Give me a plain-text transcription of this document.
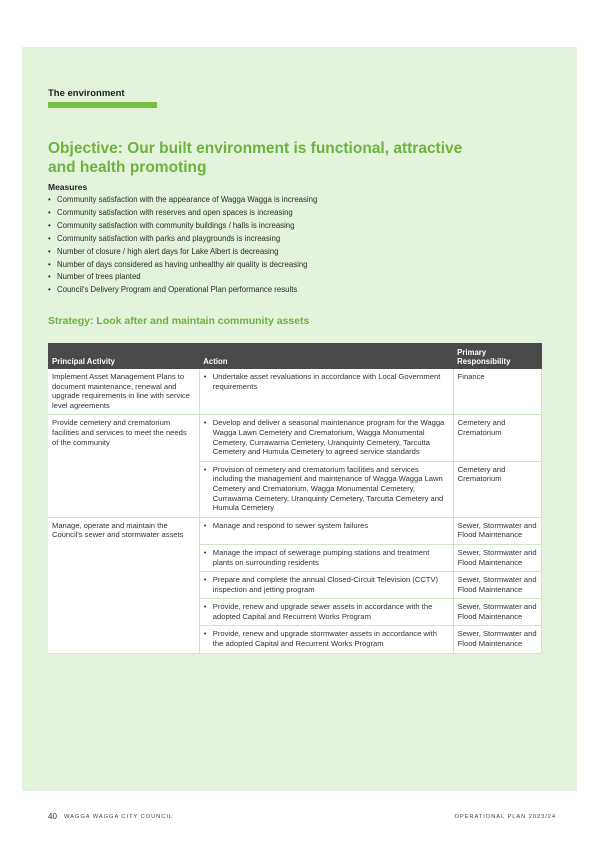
The environment
Objective: Our built environment is functional, attractive and health promoting
Measures
• Community satisfaction with the appearance of Wagga Wagga is increasing
• Community satisfaction with reserves and open spaces is increasing
• Community satisfaction with community buildings / halls is increasing
• Community satisfaction with parks and playgrounds is increasing
• Number of closure / high alert days for Lake Albert is decreasing
• Number of days considered as having unhealthy air quality is decreasing
• Number of trees planted
• Council's Delivery Program and Operational Plan performance results
Strategy: Look after and maintain community assets
Principal Activity	Action	Primary Responsibility
Implement Asset Management Plans to document maintenance, renewal and upgrade requirements in line with service level agreements	• Undertake asset revaluations in accordance with Local Government requirements	Finance
Provide cemetery and crematorium facilities and services to meet the needs of the community	• Develop and deliver a seasonal maintenance program for the Wagga Wagga Lawn Cemetery and Crematorium, Wagga Monumental Cemetery, Currawarna Cemetery, Uranquinty Cemetery, Tarcutta Cemetery and Humula Cemetery to agreed service standards	Cemetery and Crematorium

	• Provision of cemetery and crematorium facilities and services including the management and maintenance of Wagga Wagga Lawn Cemetery and Crematorium, Wagga Monumental Cemetery, Currawarna Cemetery, Uranquinty Cemetery, Tarcutta Cemetery and Humula Cemetery	Cemetery and Crematorium
Manage, operate and maintain the Council's sewer and stormwater assets	• Manage and respond to sewer system failures	Sewer, Stormwater and Flood Maintenance

	• Manage the impact of sewerage pumping stations and treatment plants on surrounding residents	Sewer, Stormwater and Flood Maintenance

	• Prepare and complete the annual Closed-Circuit Television (CCTV) inspection and jetting program	Sewer, Stormwater and Flood Maintenance

	• Provide, renew and upgrade sewer assets in accordance with the adopted Capital and Recurrent Works Program	Sewer, Stormwater and Flood Maintenance

	• Provide, renew and upgrade stormwater assets in accordance with the adopted Capital and Recurrent Works Program	Sewer, Stormwater and Flood Maintenance
40 WAGGA WAGGA CITY COUNCIL	OPERATIONAL PLAN 2023/24
